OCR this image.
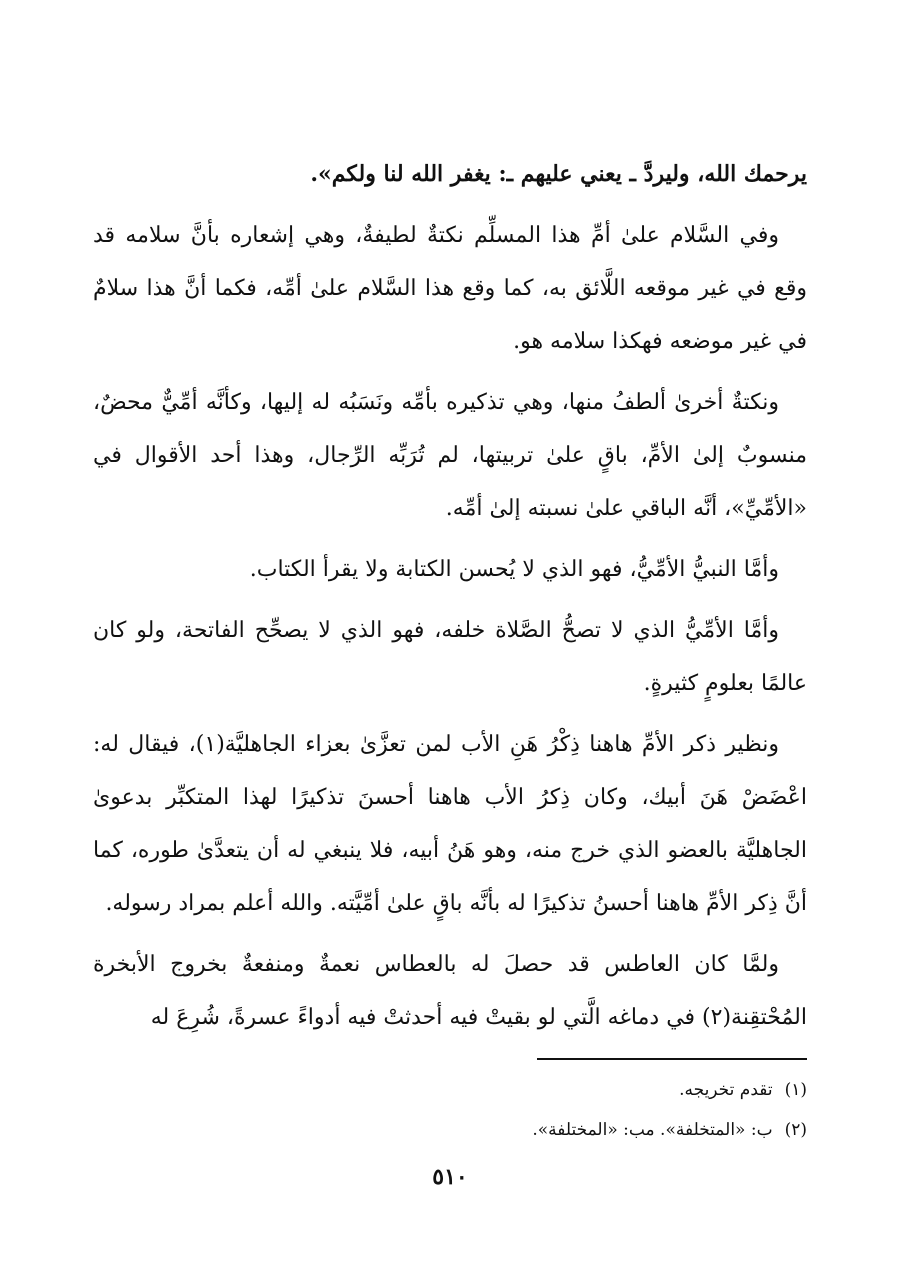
يرحمك الله، وليردَّ ـ يعني عليهم ـ: يغفر الله لنا ولكم».

وفي السَّلام علىٰ أمِّ هذا المسلِّم نكتةٌ لطيفةٌ، وهي إشعاره بأنَّ سلامه قد وقع في غير موقعه اللَّائق به، كما وقع هذا السَّلام علىٰ أمِّه، فكما أنَّ هذا سلامٌ في غير موضعه فهكذا سلامه هو.

ونكتةٌ أخرىٰ ألطفُ منها، وهي تذكيره بأمِّه ونَسَبُه له إليها، وكأنَّه أمِّيٌّ محضٌ، منسوبٌ إلىٰ الأمِّ، باقٍ علىٰ تربيتها، لم تُرَبِّه الرِّجال، وهذا أحد الأقوال في «الأمِّيِّ»، أنَّه الباقي علىٰ نسبته إلىٰ أمِّه.

وأمَّا النبيُّ الأمِّيُّ، فهو الذي لا يُحسن الكتابة ولا يقرأ الكتاب.

وأمَّا الأمِّيُّ الذي لا تصحُّ الصَّلاة خلفه، فهو الذي لا يصحِّح الفاتحة، ولو كان عالمًا بعلومٍ كثيرةٍ.

ونظير ذكر الأمِّ هاهنا ذِكْرُ هَنِ الأب لمن تعزَّىٰ بعزاء الجاهليَّة(١)، فيقال له: اعْضَضْ هَنَ أبيك، وكان ذِكرُ الأب هاهنا أحسنَ تذكيرًا لهذا المتكبِّر بدعوىٰ الجاهليَّة بالعضو الذي خرج منه، وهو هَنُ أبيه، فلا ينبغي له أن يتعدَّىٰ طوره، كما أنَّ ذِكر الأمِّ هاهنا أحسنُ تذكيرًا له بأنَّه باقٍ علىٰ أمِّيَّته. والله أعلم بمراد رسوله.

ولمَّا كان العاطس قد حصلَ له بالعطاس نعمةٌ ومنفعةٌ بخروج الأبخرة المُحْتقِنة(٢) في دماغه الَّتي لو بقيتْ فيه أحدثتْ فيه أدواءً عسرةً، شُرِعَ له

(١)تقدم تخريجه.

(٢)ب: «المتخلفة». مب: «المختلفة».

٥١٠
